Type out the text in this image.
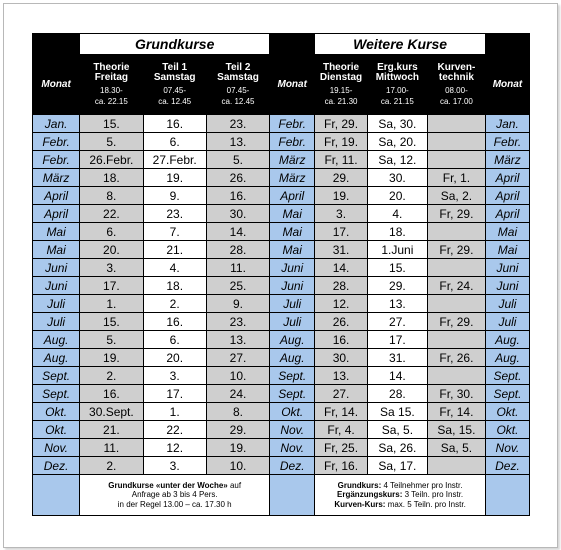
2016	Grundkurse			2016	Weitere Kurse			2016
Monat	Theorie
Freitag
18.30-
ca. 22.15	Teil 1
Samstag
07.45-
ca. 12.45	Teil 2
Samstag
07.45-
ca. 12.45	Monat	Theorie
Dienstag
19.15-
ca. 21.30	Erg.kurs
Mittwoch
17.00-
ca. 21.15	Kurven-
technik
08.00-
ca. 17.00	Monat
Jan.	15.	16.	23.	Febr.	Fr, 29.	Sa, 30.		Jan.
Febr.	5.	6.	13.	Febr.	Fr, 19.	Sa, 20.		Febr.
Febr.	26.Febr.	27.Febr.	5.	März	Fr, 11.	Sa, 12.		März
März	18.	19.	26.	März	29.	30.	Fr, 1.	April
April	8.	9.	16.	April	19.	20.	Sa, 2.	April
April	22.	23.	30.	Mai	3.	4.	Fr, 29.	April
Mai	6.	7.	14.	Mai	17.	18.		Mai
Mai	20.	21.	28.	Mai	31.	1.Juni	Fr, 29.	Mai
Juni	3.	4.	11.	Juni	14.	15.		Juni
Juni	17.	18.	25.	Juni	28.	29.	Fr, 24.	Juni
Juli	1.	2.	9.	Juli	12.	13.		Juli
Juli	15.	16.	23.	Juli	26.	27.	Fr, 29.	Juli
Aug.	5.	6.	13.	Aug.	16.	17.		Aug.
Aug.	19.	20.	27.	Aug.	30.	31.	Fr, 26.	Aug.
Sept.	2.	3.	10.	Sept.	13.	14.		Sept.
Sept.	16.	17.	24.	Sept.	27.	28.	Fr, 30.	Sept.
Okt.	30.Sept.	1.	8.	Okt.	Fr, 14.	Sa 15.	Fr, 14.	Okt.
Okt.	21.	22.	29.	Nov.	Fr, 4.	Sa, 5.	Sa, 15.	Okt.
Nov.	11.	12.	19.	Nov.	Fr, 25.	Sa, 26.	Sa, 5.	Nov.
Dez.	2.	3.	10.	Dez.	Fr, 16.	Sa, 17.		Dez.

	Grundkurse «unter der Woche» auf
Anfrage ab 3 bis 4 Pers.
in der Regel 13.00 – ca. 17.30 h				Grundkurs: 4 Teilnehmer pro Instr.
Ergänzungskurs: 3 Teiln. pro Instr.
Kurven-Kurs: max. 5 Teiln. pro Instr.			
